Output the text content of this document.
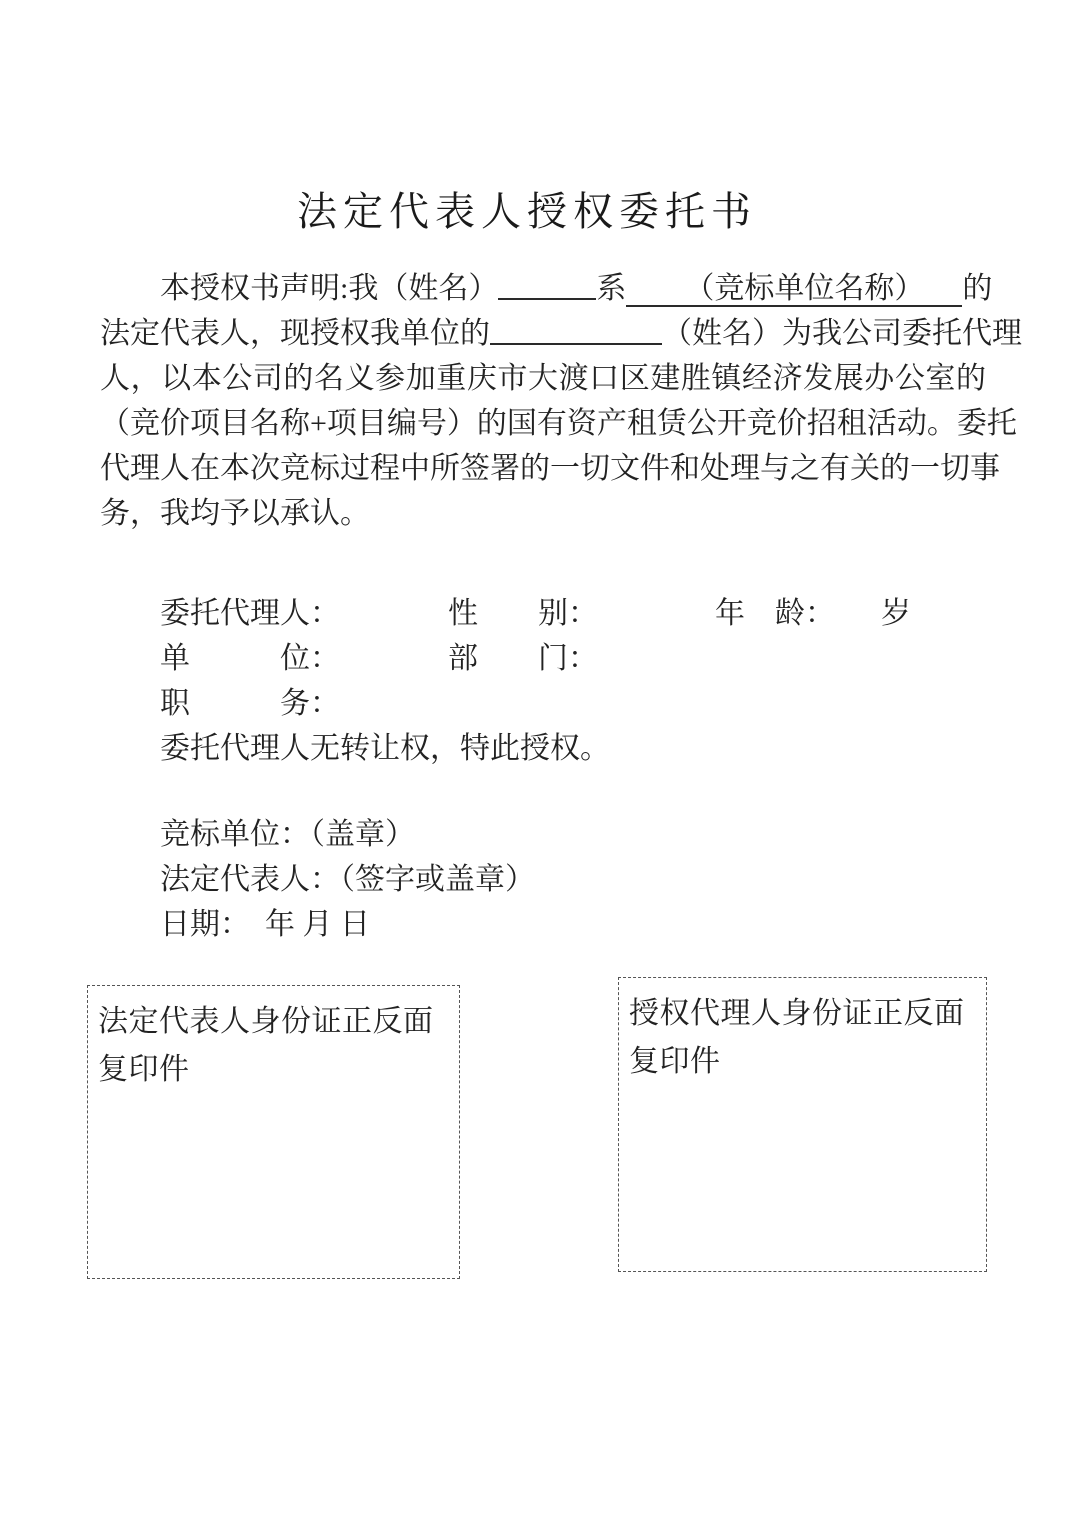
法定代表人授权委托书
本授权书声明:我（姓名）	系 （竞标单位名称） 的
法定代表人，现授权我单位的	（姓名）为我公司委托代理
人，以本公司的名义参加重庆市大渡口区建胜镇经济发展办公室的
（竞价项目名称+项目编号）的国有资产租赁公开竞价招租活动。委托
代理人在本次竞标过程中所签署的一切文件和处理与之有关的一切事
务，我均予以承认。
委托代理人：	性　　别：	年　龄： 岁
单　　　位：	部　　门：
职　　　务：
委托代理人无转让权，特此授权。
竞标单位：（盖章）
法定代表人：（签字或盖章）
日期：　年 月 日
法定代表人身份证正反面复印件
授权代理人身份证正反面复印件
